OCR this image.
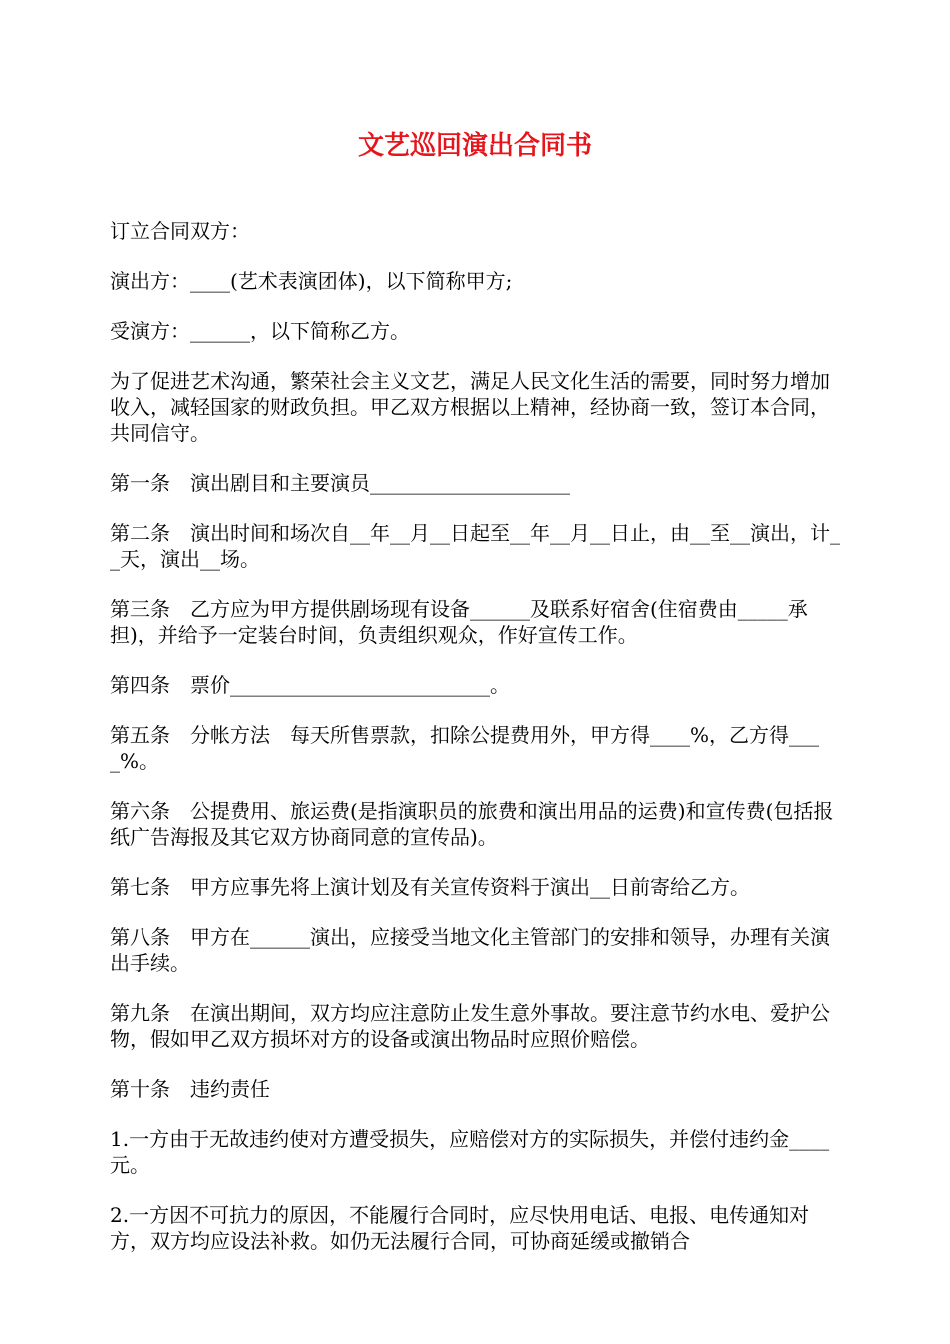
文艺巡回演出合同书

订立合同双方：

演出方：____(艺术表演团体)，以下简称甲方;

受演方：______，以下简称乙方。

为了促进艺术沟通，繁荣社会主义文艺，满足人民文化生活的需要，同时努力增加收入，减轻国家的财政负担。甲乙双方根据以上精神，经协商一致，签订本合同，共同信守。

第一条　演出剧目和主要演员____________________

第二条　演出时间和场次自__年__月__日起至__年__月__日止，由__至__演出，计__天，演出__场。

第三条　乙方应为甲方提供剧场现有设备______及联系好宿舍(住宿费由_____承担)，并给予一定装台时间，负责组织观众，作好宣传工作。

第四条　票价__________________________。

第五条　分帐方法　每天所售票款，扣除公提费用外，甲方得____%，乙方得____%。

第六条　公提费用、旅运费(是指演职员的旅费和演出用品的运费)和宣传费(包括报纸广告海报及其它双方协商同意的宣传品)。

第七条　甲方应事先将上演计划及有关宣传资料于演出__日前寄给乙方。

第八条　甲方在______演出，应接受当地文化主管部门的安排和领导，办理有关演出手续。

第九条　在演出期间，双方均应注意防止发生意外事故。要注意节约水电、爱护公物，假如甲乙双方损坏对方的设备或演出物品时应照价赔偿。

第十条　违约责任

1.一方由于无故违约使对方遭受损失，应赔偿对方的实际损失，并偿付违约金____元。

2.一方因不可抗力的原因，不能履行合同时，应尽快用电话、电报、电传通知对方，双方均应设法补救。如仍无法履行合同，可协商延缓或撤销合
